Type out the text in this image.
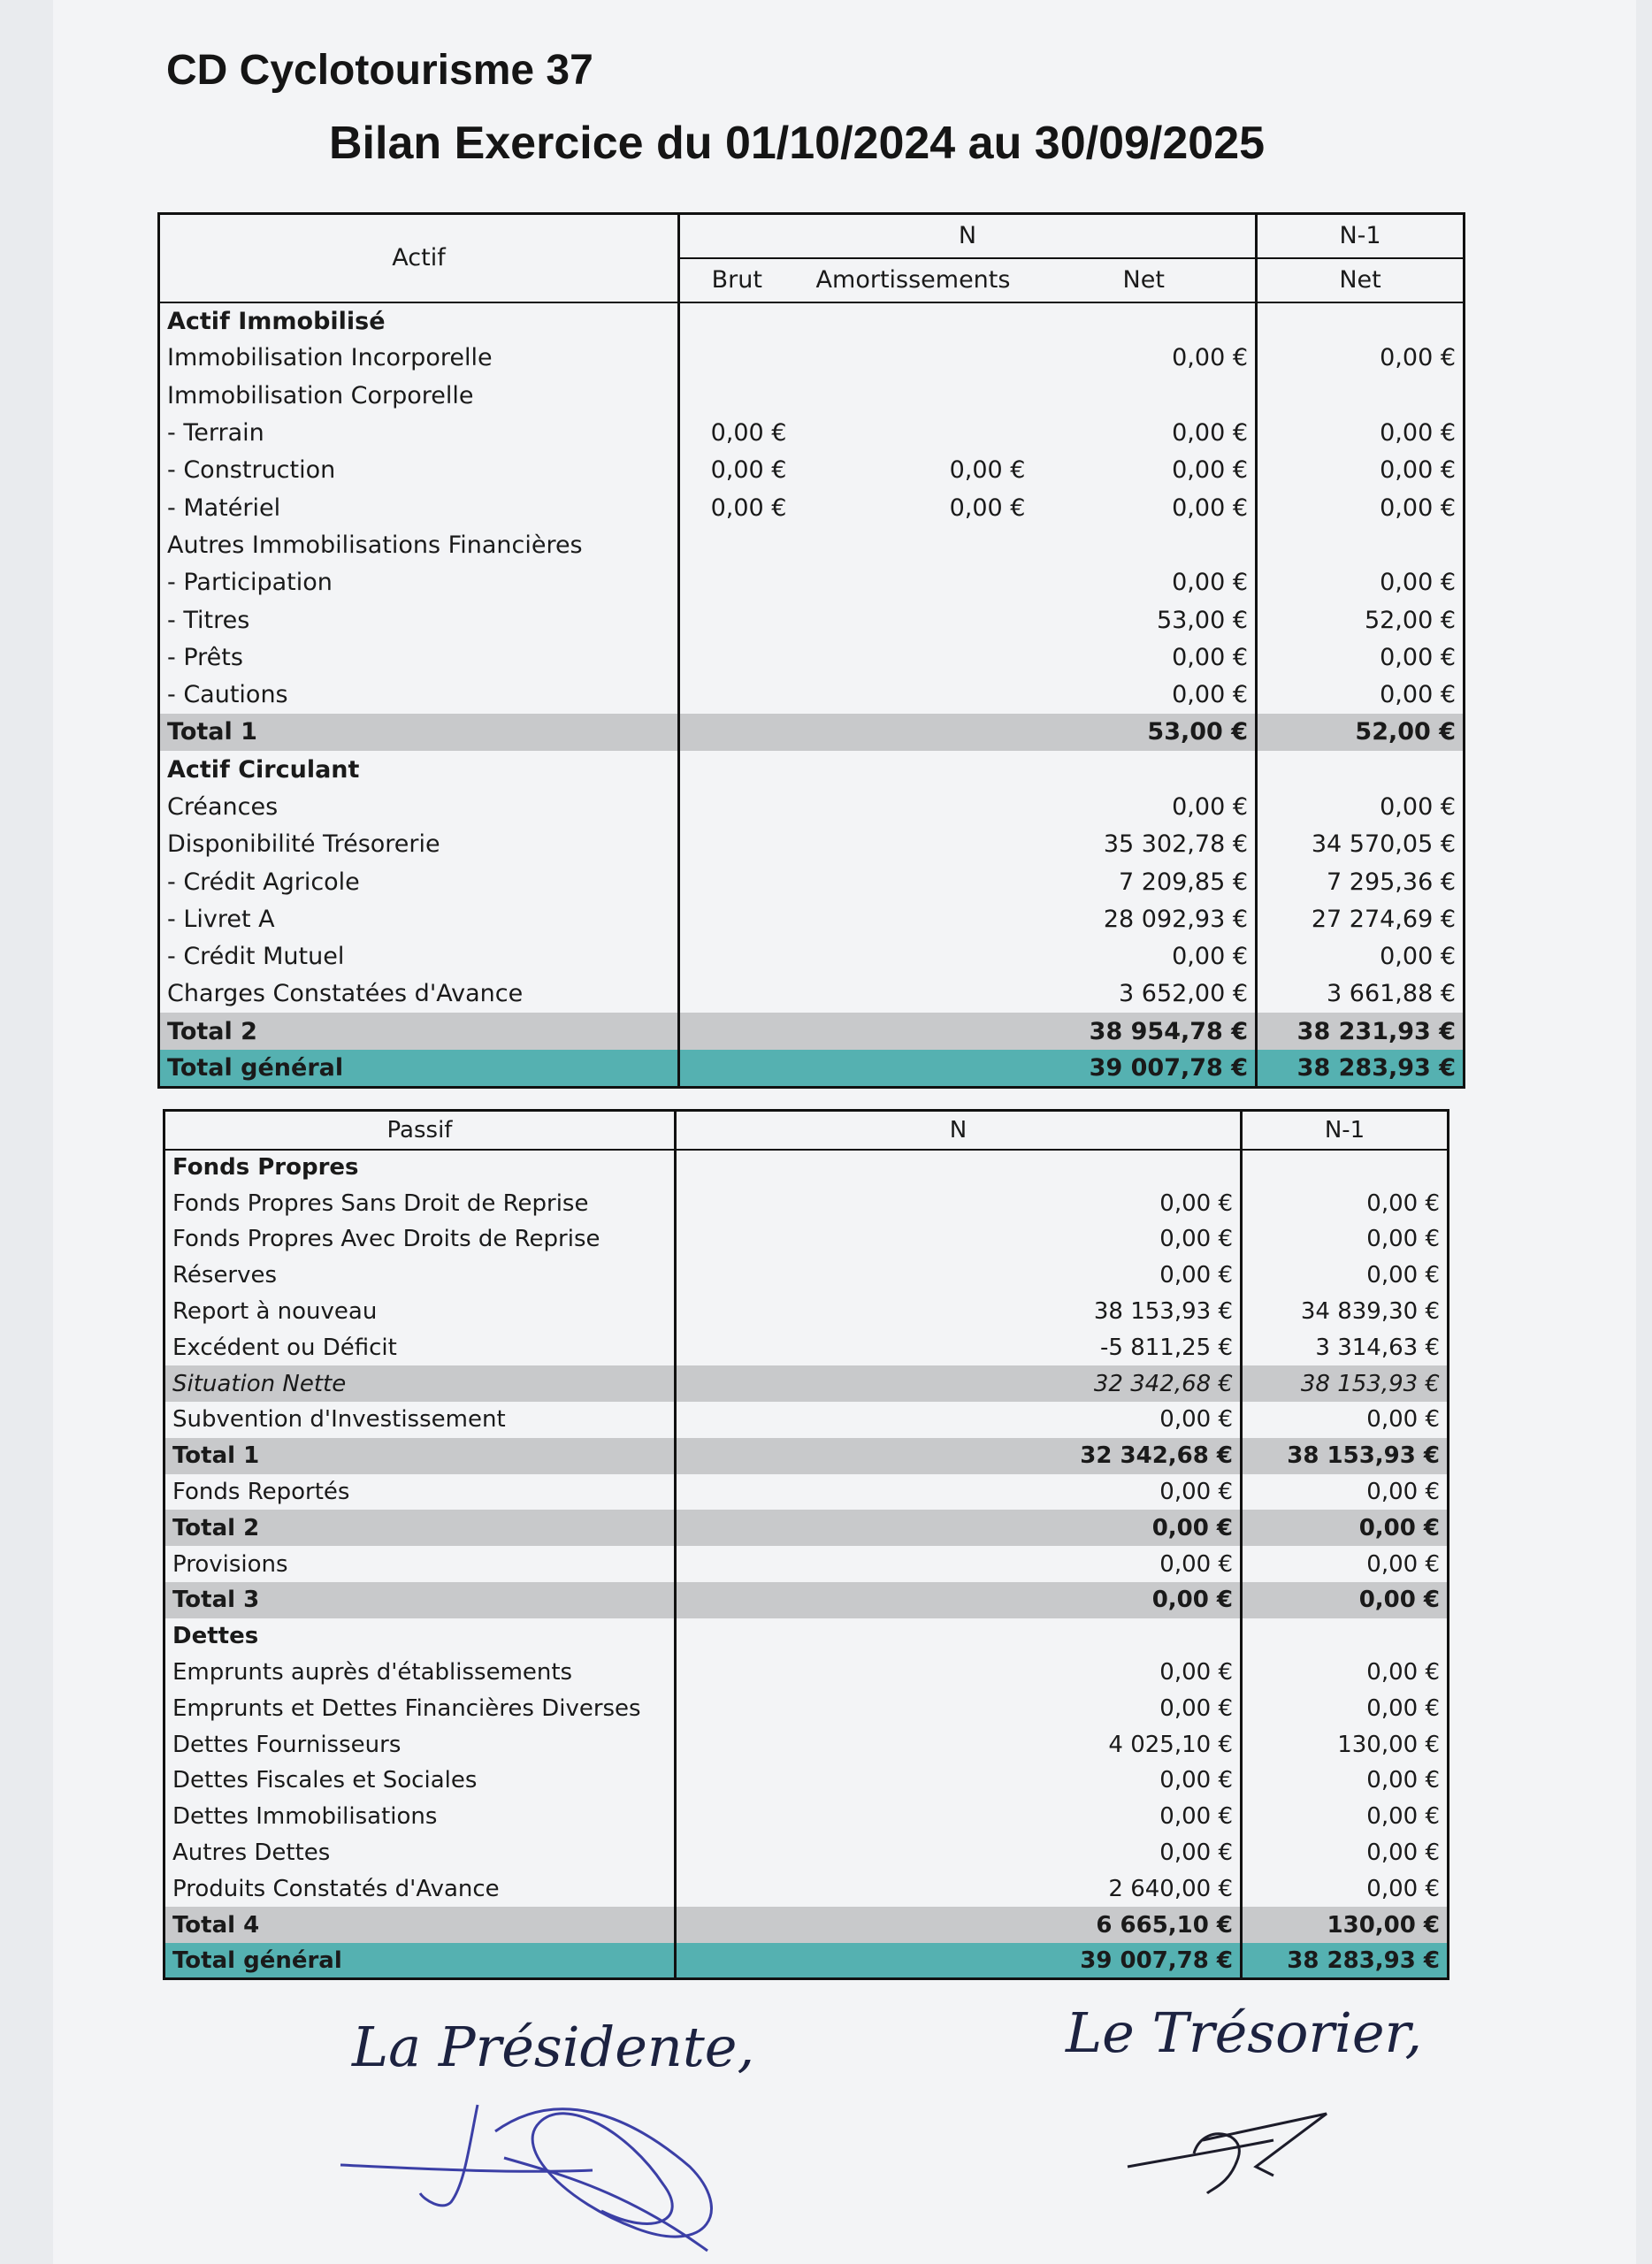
CD Cyclotourisme 37
Bilan Exercice du 01/10/2024 au 30/09/2025
Actif	N			N-1
	Brut	Amortissements	Net	Net
Actif Immobilisé				
Immobilisation Incorporelle			0,00 €	0,00 €
Immobilisation Corporelle				
- Terrain	0,00 €		0,00 €	0,00 €
- Construction	0,00 €	0,00 €	0,00 €	0,00 €
- Matériel	0,00 €	0,00 €	0,00 €	0,00 €
Autres Immobilisations Financières				
- Participation			0,00 €	0,00 €
- Titres			53,00 €	52,00 €
- Prêts			0,00 €	0,00 €
- Cautions			0,00 €	0,00 €
Total 1			53,00 €	52,00 €
Actif Circulant				
Créances			0,00 €	0,00 €
Disponibilité Trésorerie			35 302,78 €	34 570,05 €
- Crédit Agricole			7 209,85 €	7 295,36 €
- Livret A			28 092,93 €	27 274,69 €
- Crédit Mutuel			0,00 €	0,00 €
Charges Constatées d'Avance			3 652,00 €	3 661,88 €
Total 2			38 954,78 €	38 231,93 €
Total général			39 007,78 €	38 283,93 €
Passif	N	N-1
Fonds Propres		
Fonds Propres Sans Droit de Reprise	0,00 €	0,00 €
Fonds Propres Avec Droits de Reprise	0,00 €	0,00 €
Réserves	0,00 €	0,00 €
Report à nouveau	38 153,93 €	34 839,30 €
Excédent ou Déficit	-5 811,25 €	3 314,63 €
Situation Nette	32 342,68 €	38 153,93 €
Subvention d'Investissement	0,00 €	0,00 €
Total 1	32 342,68 €	38 153,93 €
Fonds Reportés	0,00 €	0,00 €
Total 2	0,00 €	0,00 €
Provisions	0,00 €	0,00 €
Total 3	0,00 €	0,00 €
Dettes		
Emprunts auprès d'établissements	0,00 €	0,00 €
Emprunts et Dettes Financières Diverses	0,00 €	0,00 €
Dettes Fournisseurs	4 025,10 €	130,00 €
Dettes Fiscales et Sociales	0,00 €	0,00 €
Dettes Immobilisations	0,00 €	0,00 €
Autres Dettes	0,00 €	0,00 €
Produits Constatés d'Avance	2 640,00 €	0,00 €
Total 4	6 665,10 €	130,00 €
Total général	39 007,78 €	38 283,93 €
La Présidente,	Le Trésorier,
